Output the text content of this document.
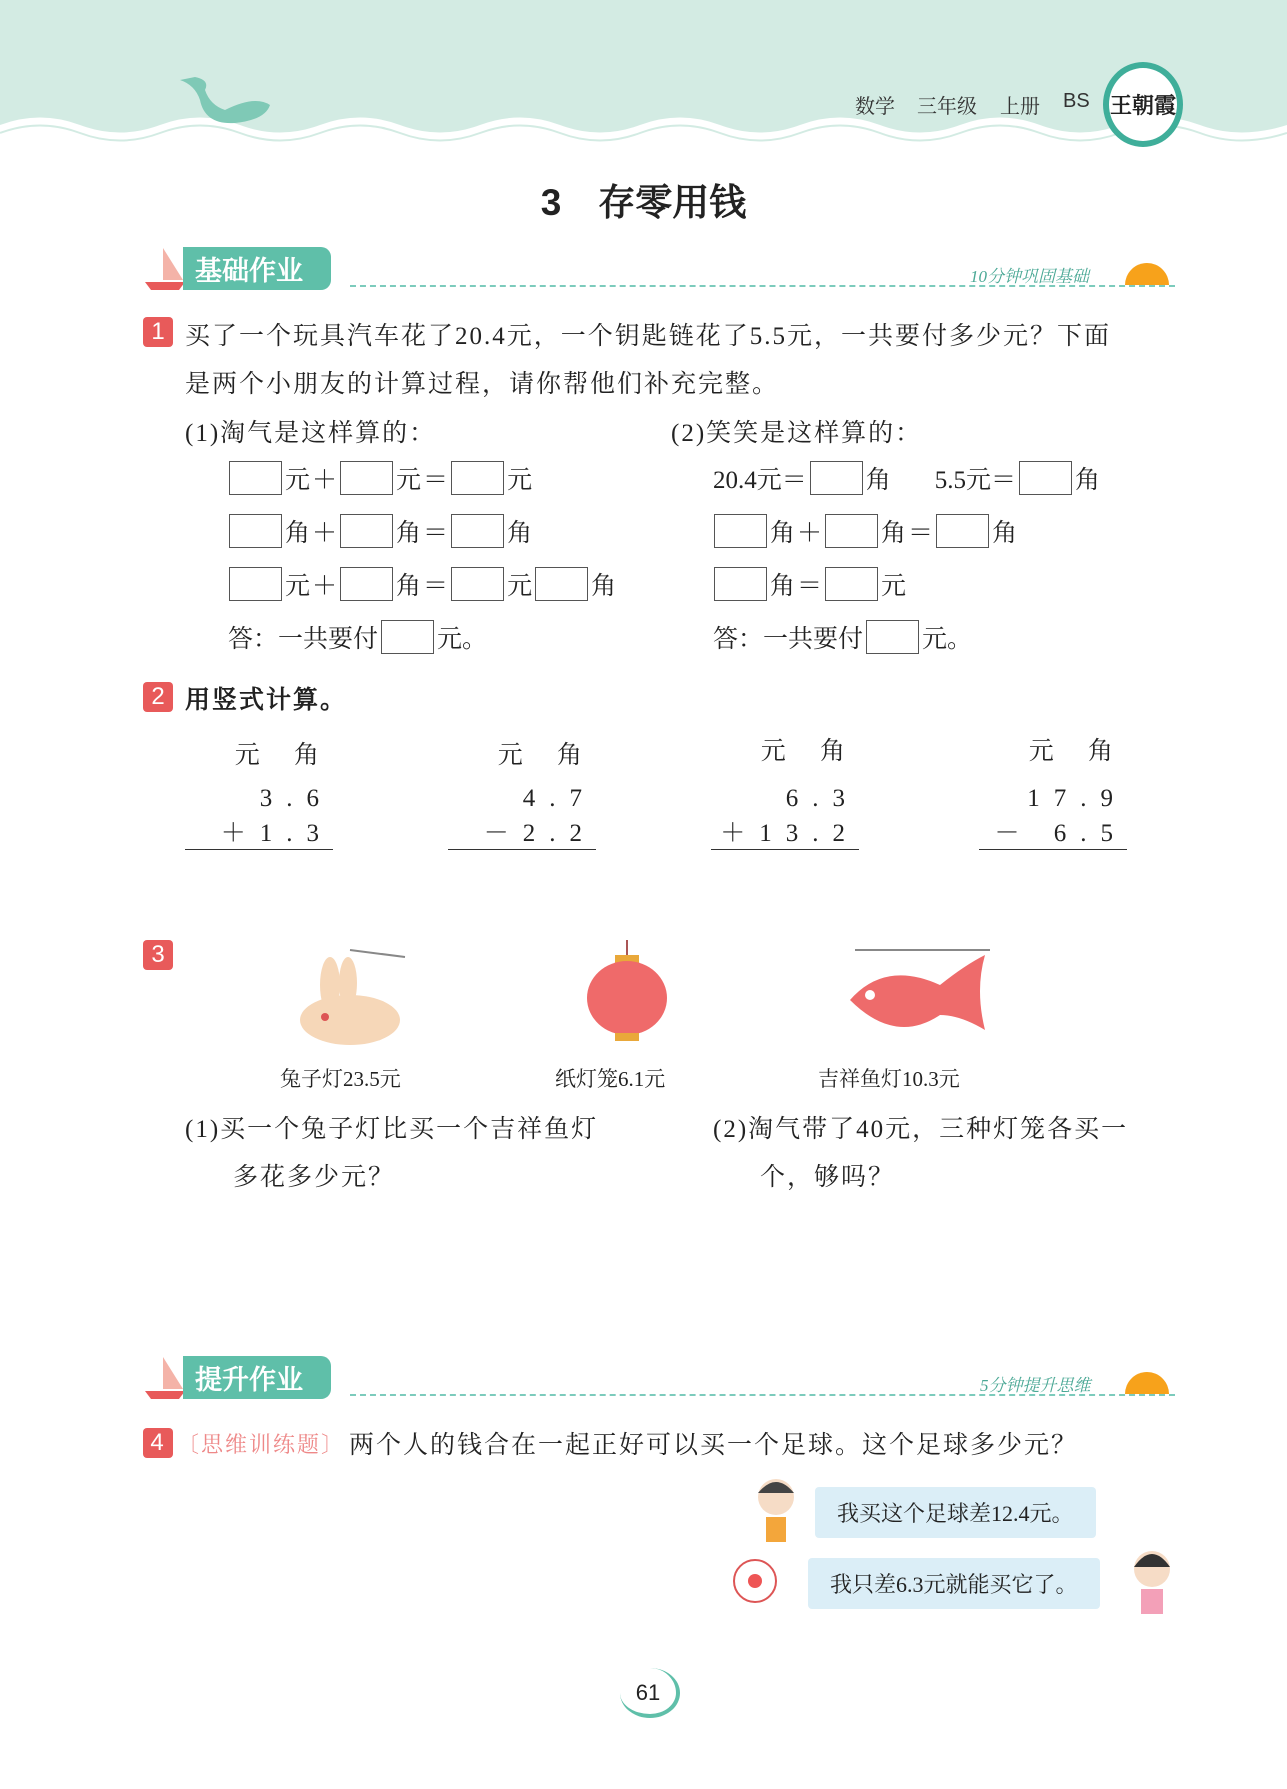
数学 三年级 上册 BS 王朝霞
3　存零用钱
基础作业	10分钟巩固基础
1 买了一个玩具汽车花了20.4元，一个钥匙链花了5.5元，一共要付多少元？下面
是两个小朋友的计算过程，请你帮他们补充完整。
(1)淘气是这样算的：	(2)笑笑是这样算的：
元 ＋ 元 ＝ 元
角 ＋ 角 ＝ 角
元 ＋ 角 ＝ 元 角
答：一共要付 元。
20.4元＝ 角 5.5元＝ 角
角 ＋ 角 ＝ 角
角 ＝ 元
答：一共要付 元。
2 用竖式计算。
元 角
3.6
＋1.3
元 角
4.7
－2.2
元 角
6.3
＋13.2
元 角
17.9
－ 6.5
3
兔子灯23.5元	纸灯笼6.1元	吉祥鱼灯10.3元
(1)买一个兔子灯比买一个吉祥鱼灯
多花多少元？
(2)淘气带了40元，三种灯笼各买一
个，够吗？
提升作业	5分钟提升思维
4 〔思维训练题〕 两个人的钱合在一起正好可以买一个足球。这个足球多少元？
我买这个足球差12.4元。
我只差6.3元就能买它了。
61
